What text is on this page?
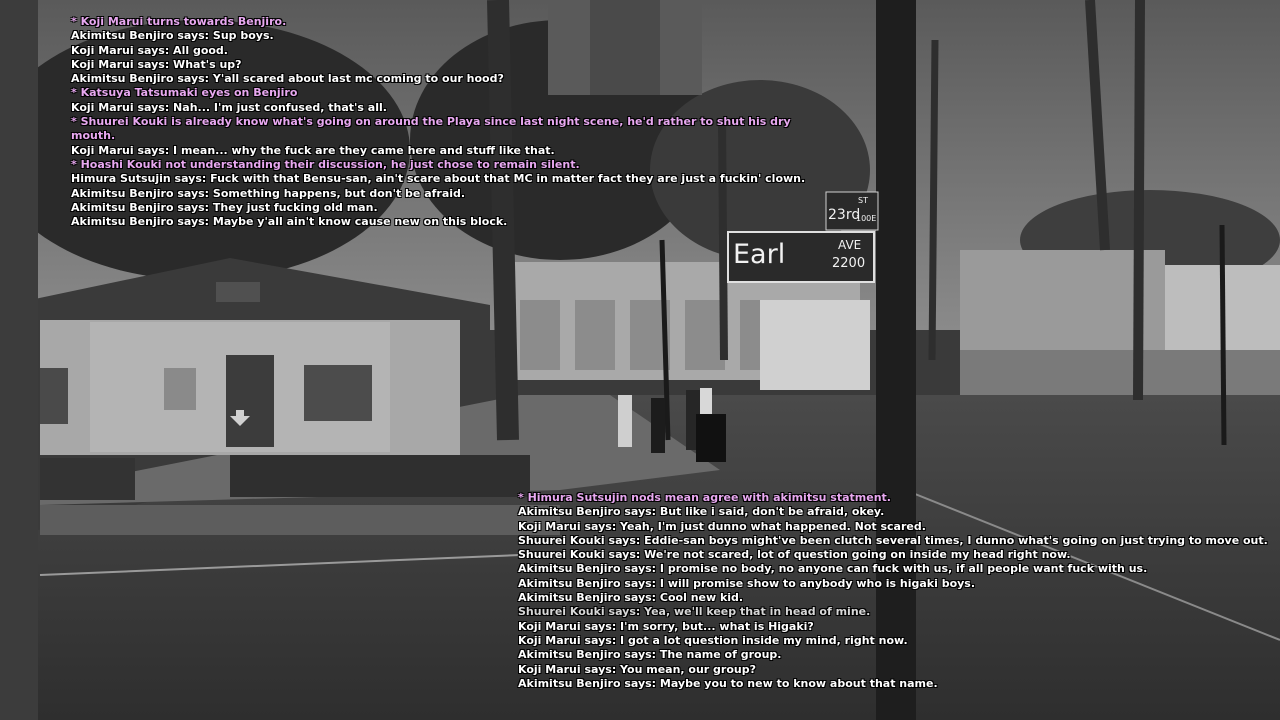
Earl	AVE
2200
23rd
ST
100E
* Koji Marui turns towards Benjiro.
Akimitsu Benjiro says: Sup boys.
Koji Marui says: All good.
Koji Marui says: What's up?
Akimitsu Benjiro says: Y'all scared about last mc coming to our hood?
* Katsuya Tatsumaki eyes on Benjiro
Koji Marui says: Nah... I'm just confused, that's all.
* Shuurei Kouki is already know what's going on around the Playa since last night scene, he'd rather to shut his dry
mouth.
Koji Marui says: I mean... why the fuck are they came here and stuff like that.
* Hoashi Kouki not understanding their discussion, he just chose to remain silent.
Himura Sutsujin says: Fuck with that Bensu-san, ain't scare about that MC in matter fact they are just a fuckin' clown.
Akimitsu Benjiro says: Something happens, but don't be afraid.
Akimitsu Benjiro says: They just fucking old man.
Akimitsu Benjiro says: Maybe y'all ain't know cause new on this block.
* Himura Sutsujin nods mean agree with akimitsu statment.
Akimitsu Benjiro says: But like i said, don't be afraid, okey.
Koji Marui says: Yeah, I'm just dunno what happened. Not scared.
Shuurei Kouki says: Eddie-san boys might've been clutch several times, I dunno what's going on just trying to move out.
Shuurei Kouki says: We're not scared, lot of question going on inside my head right now.
Akimitsu Benjiro says: I promise no body, no anyone can fuck with us, if all people want fuck with us.
Akimitsu Benjiro says: I will promise show to anybody who is higaki boys.
Akimitsu Benjiro says: Cool new kid.
Shuurei Kouki says: Yea, we'll keep that in head of mine.
Koji Marui says: I'm sorry, but... what is Higaki?
Koji Marui says: I got a lot question inside my mind, right now.
Akimitsu Benjiro says: The name of group.
Koji Marui says: You mean, our group?
Akimitsu Benjiro says: Maybe you to new to know about that name.
